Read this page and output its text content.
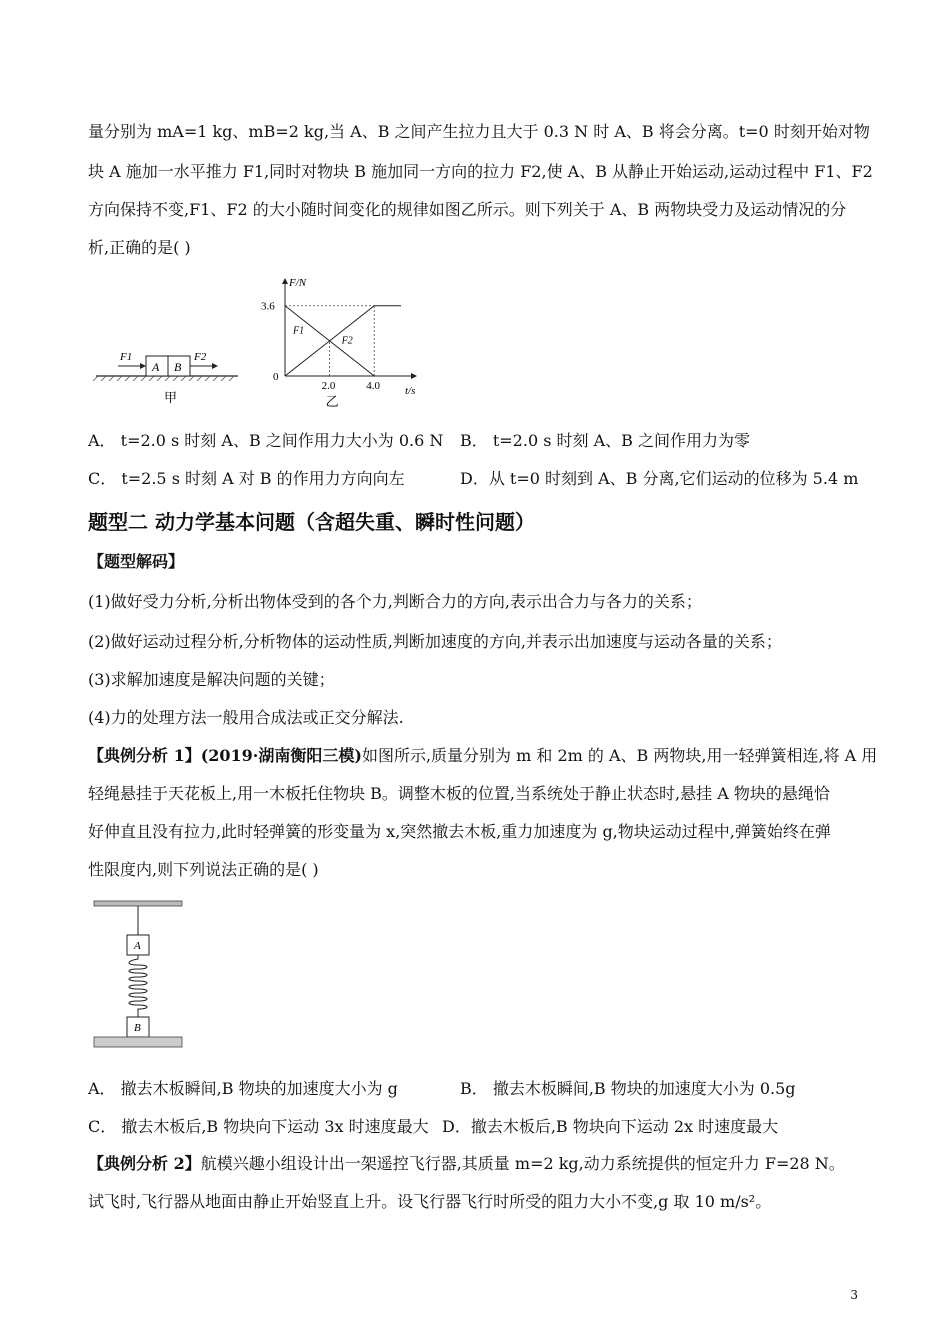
量分别为 mA=1 kg、mB=2 kg,当 A、B 之间产生拉力且大于 0.3 N 时 A、B 将会分离。t=0 时刻开始对物
块 A 施加一水平推力 F1,同时对物块 B 施加同一方向的拉力 F2,使 A、B 从静止开始运动,运动过程中 F1、F2
方向保持不变,F1、F2 的大小随时间变化的规律如图乙所示。则下列关于 A、B 两物块受力及运动情况的分
析,正确的是( )
A B
F1	F2
甲
F/N
t/s
0
3.6
2.0	4.0
F1
F2
乙
A． t=2.0 s 时刻 A、B 之间作用力大小为 0.6 N B． t=2.0 s 时刻 A、B 之间作用力为零
C． t=2.5 s 时刻 A 对 B 的作用力方向向左	D．从 t=0 时刻到 A、B 分离,它们运动的位移为 5.4 m
题型二 动力学基本问题（含超失重、瞬时性问题）
【题型解码】
(1)做好受力分析,分析出物体受到的各个力,判断合力的方向,表示出合力与各力的关系；
(2)做好运动过程分析,分析物体的运动性质,判断加速度的方向,并表示出加速度与运动各量的关系；
(3)求解加速度是解决问题的关键；
(4)力的处理方法一般用合成法或正交分解法.
【典例分析 1】(2019·湖南衡阳三模)如图所示,质量分别为 m 和 2m 的 A、B 两物块,用一轻弹簧相连,将 A 用
轻绳悬挂于天花板上,用一木板托住物块 B。调整木板的位置,当系统处于静止状态时,悬挂 A 物块的悬绳恰
好伸直且没有拉力,此时轻弹簧的形变量为 x,突然撤去木板,重力加速度为 g,物块运动过程中,弹簧始终在弹
性限度内,则下列说法正确的是( )
A
B
A． 撤去木板瞬间,B 物块的加速度大小为 g	B． 撤去木板瞬间,B 物块的加速度大小为 0.5g
C． 撤去木板后,B 物块向下运动 3x 时速度最大 D．撤去木板后,B 物块向下运动 2x 时速度最大
【典例分析 2】航模兴趣小组设计出一架遥控飞行器,其质量 m=2 kg,动力系统提供的恒定升力 F=28 N。
试飞时,飞行器从地面由静止开始竖直上升。设飞行器飞行时所受的阻力大小不变,g 取 10 m/s²。
3
